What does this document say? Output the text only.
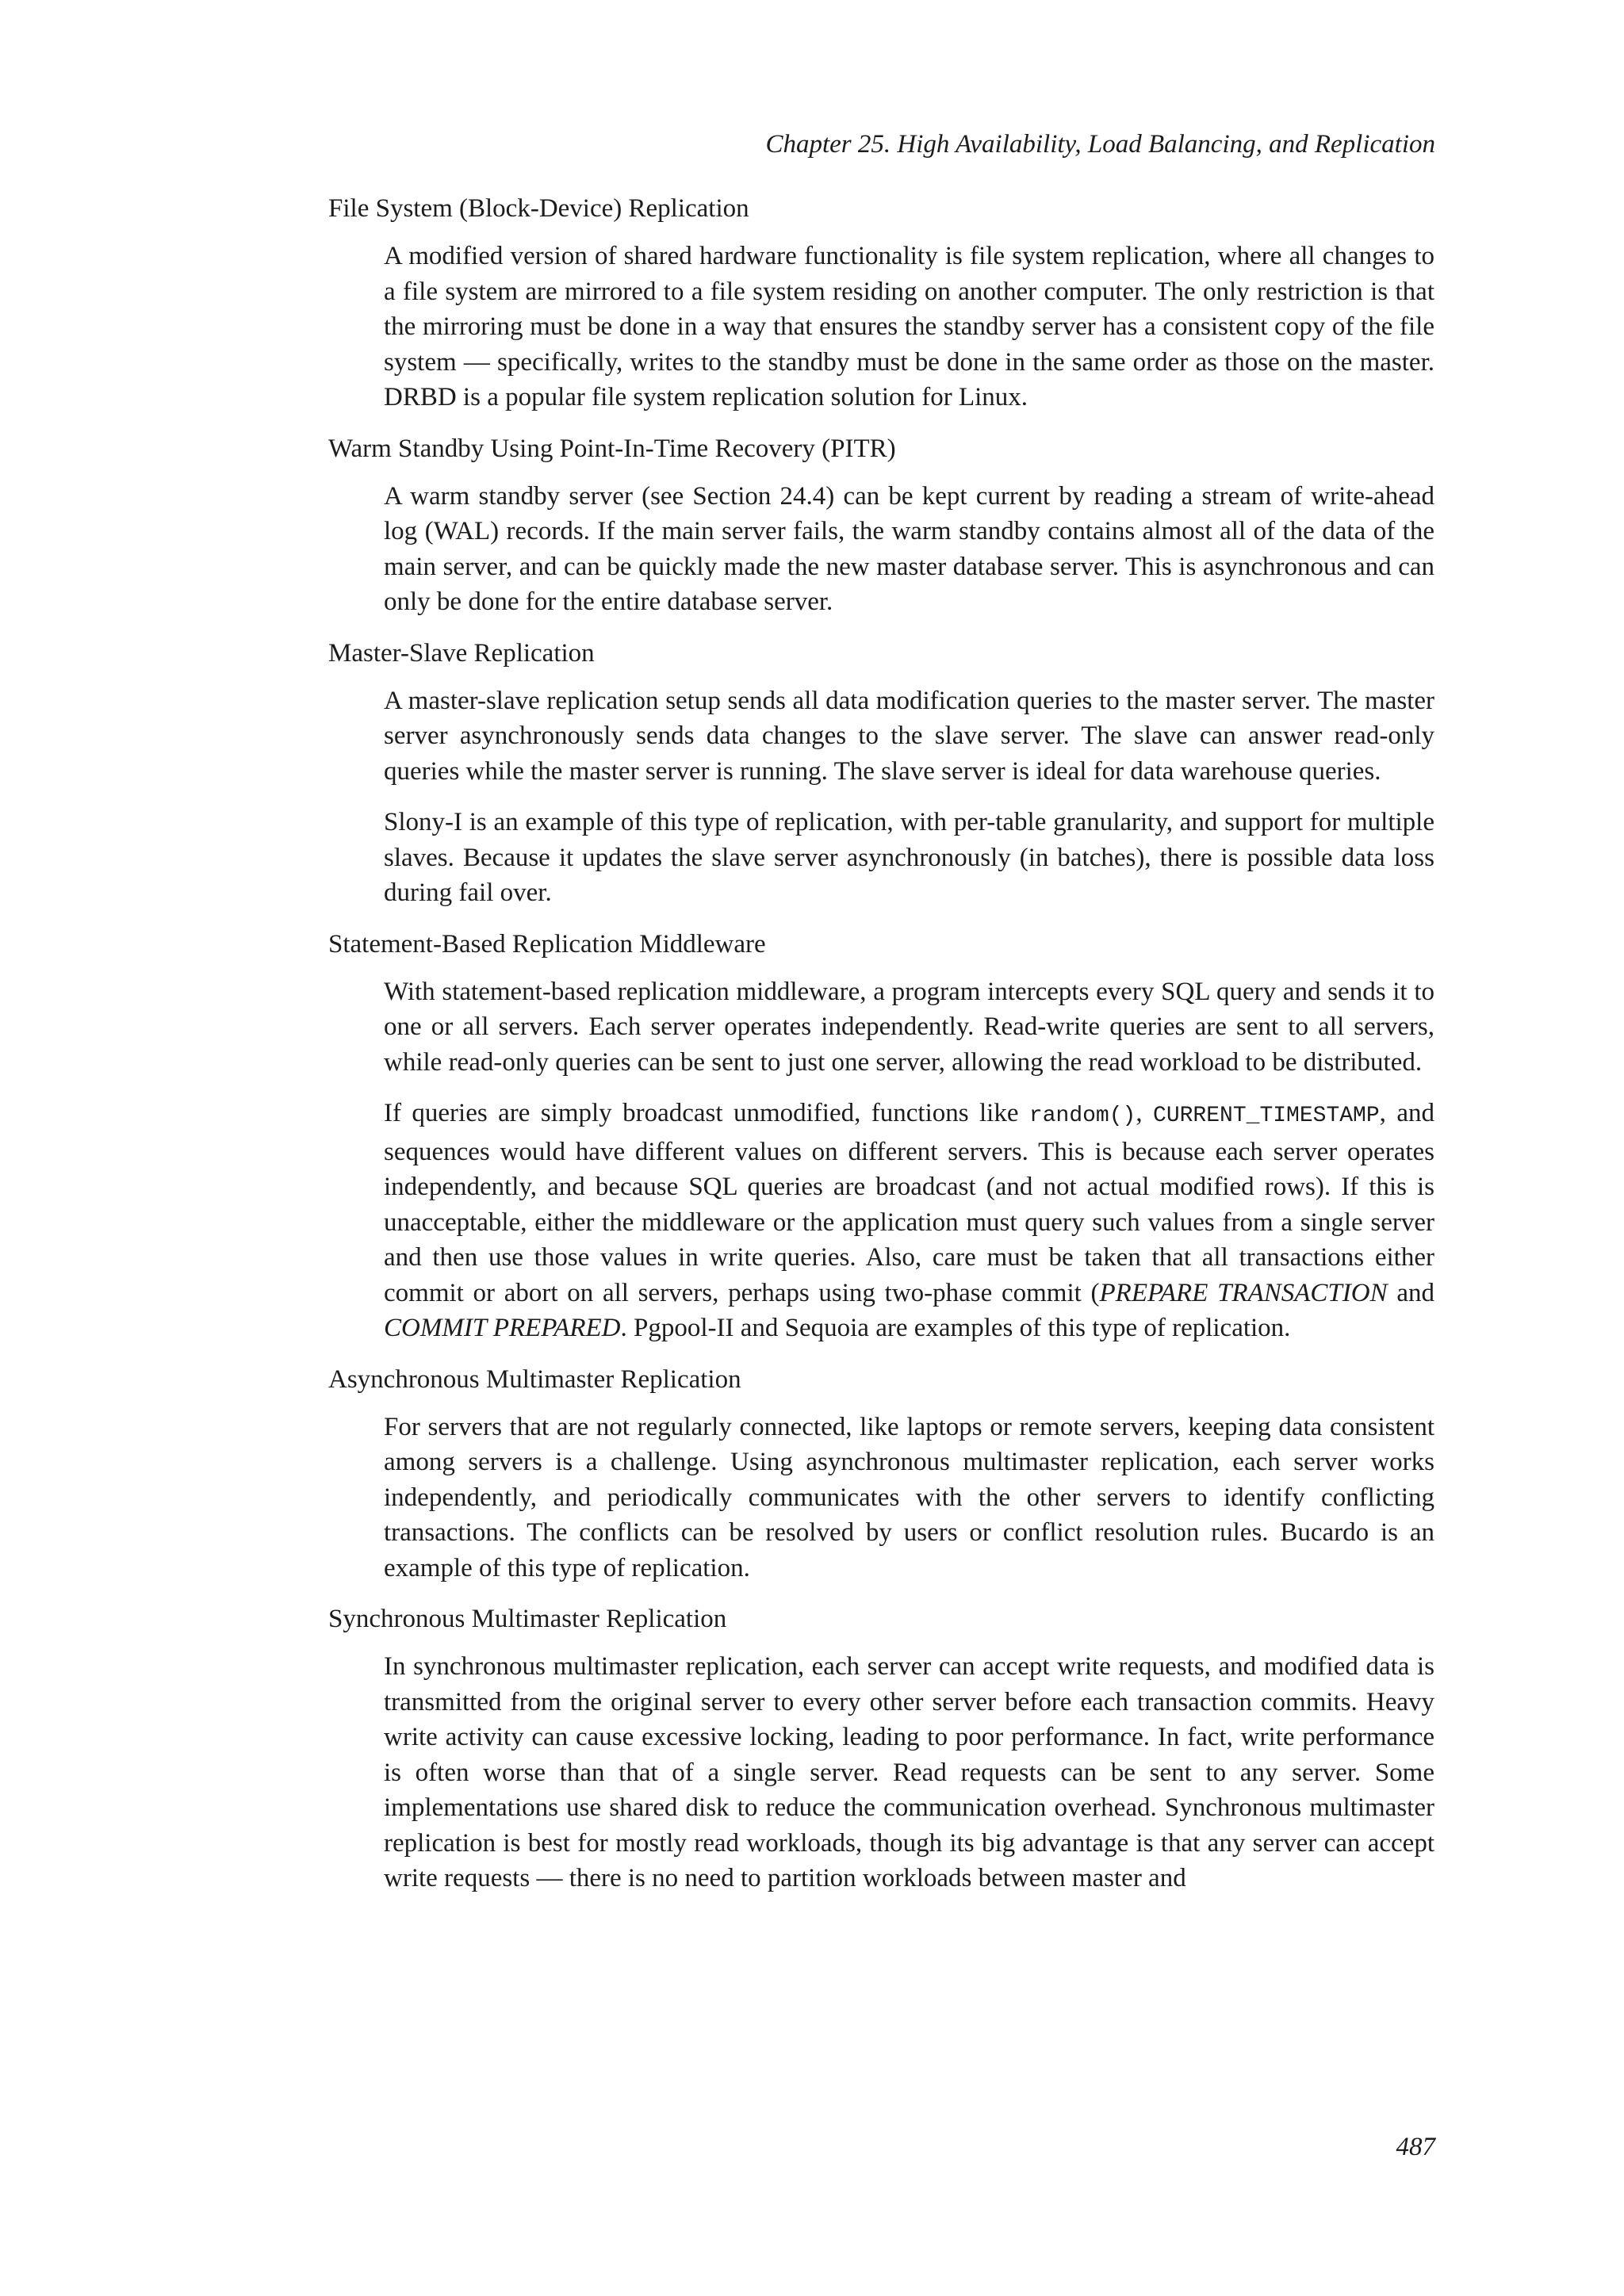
Chapter 25. High Availability, Load Balancing, and Replication
File System (Block-Device) Replication

A modified version of shared hardware functionality is file system replication, where all changes to a file system are mirrored to a file system residing on another computer. The only restriction is that the mirroring must be done in a way that ensures the standby server has a consistent copy of the file system — specifically, writes to the standby must be done in the same order as those on the master. DRBD is a popular file system replication solution for Linux.

Warm Standby Using Point-In-Time Recovery (PITR)

A warm standby server (see Section 24.4) can be kept current by reading a stream of write-ahead log (WAL) records. If the main server fails, the warm standby contains almost all of the data of the main server, and can be quickly made the new master database server. This is asynchronous and can only be done for the entire database server.

Master-Slave Replication

A master-slave replication setup sends all data modification queries to the master server. The master server asynchronously sends data changes to the slave server. The slave can answer read-only queries while the master server is running. The slave server is ideal for data warehouse queries.

Slony-I is an example of this type of replication, with per-table granularity, and support for multiple slaves. Because it updates the slave server asynchronously (in batches), there is possible data loss during fail over.

Statement-Based Replication Middleware

With statement-based replication middleware, a program intercepts every SQL query and sends it to one or all servers. Each server operates independently. Read-write queries are sent to all servers, while read-only queries can be sent to just one server, allowing the read workload to be distributed.

If queries are simply broadcast unmodified, functions like random(), CURRENT_TIMESTAMP, and sequences would have different values on different servers. This is because each server operates independently, and because SQL queries are broadcast (and not actual modified rows). If this is unacceptable, either the middleware or the application must query such values from a single server and then use those values in write queries. Also, care must be taken that all transactions either commit or abort on all servers, perhaps using two-phase commit (PREPARE TRANSACTION and COMMIT PREPARED. Pgpool-II and Sequoia are examples of this type of replication.

Asynchronous Multimaster Replication

For servers that are not regularly connected, like laptops or remote servers, keeping data consistent among servers is a challenge. Using asynchronous multimaster replication, each server works independently, and periodically communicates with the other servers to identify conflicting transactions. The conflicts can be resolved by users or conflict resolution rules. Bucardo is an example of this type of replication.

Synchronous Multimaster Replication

In synchronous multimaster replication, each server can accept write requests, and modified data is transmitted from the original server to every other server before each transaction commits. Heavy write activity can cause excessive locking, leading to poor performance. In fact, write performance is often worse than that of a single server. Read requests can be sent to any server. Some implementations use shared disk to reduce the communication overhead. Synchronous multimaster replication is best for mostly read workloads, though its big advantage is that any server can accept write requests — there is no need to partition workloads between master and

487
